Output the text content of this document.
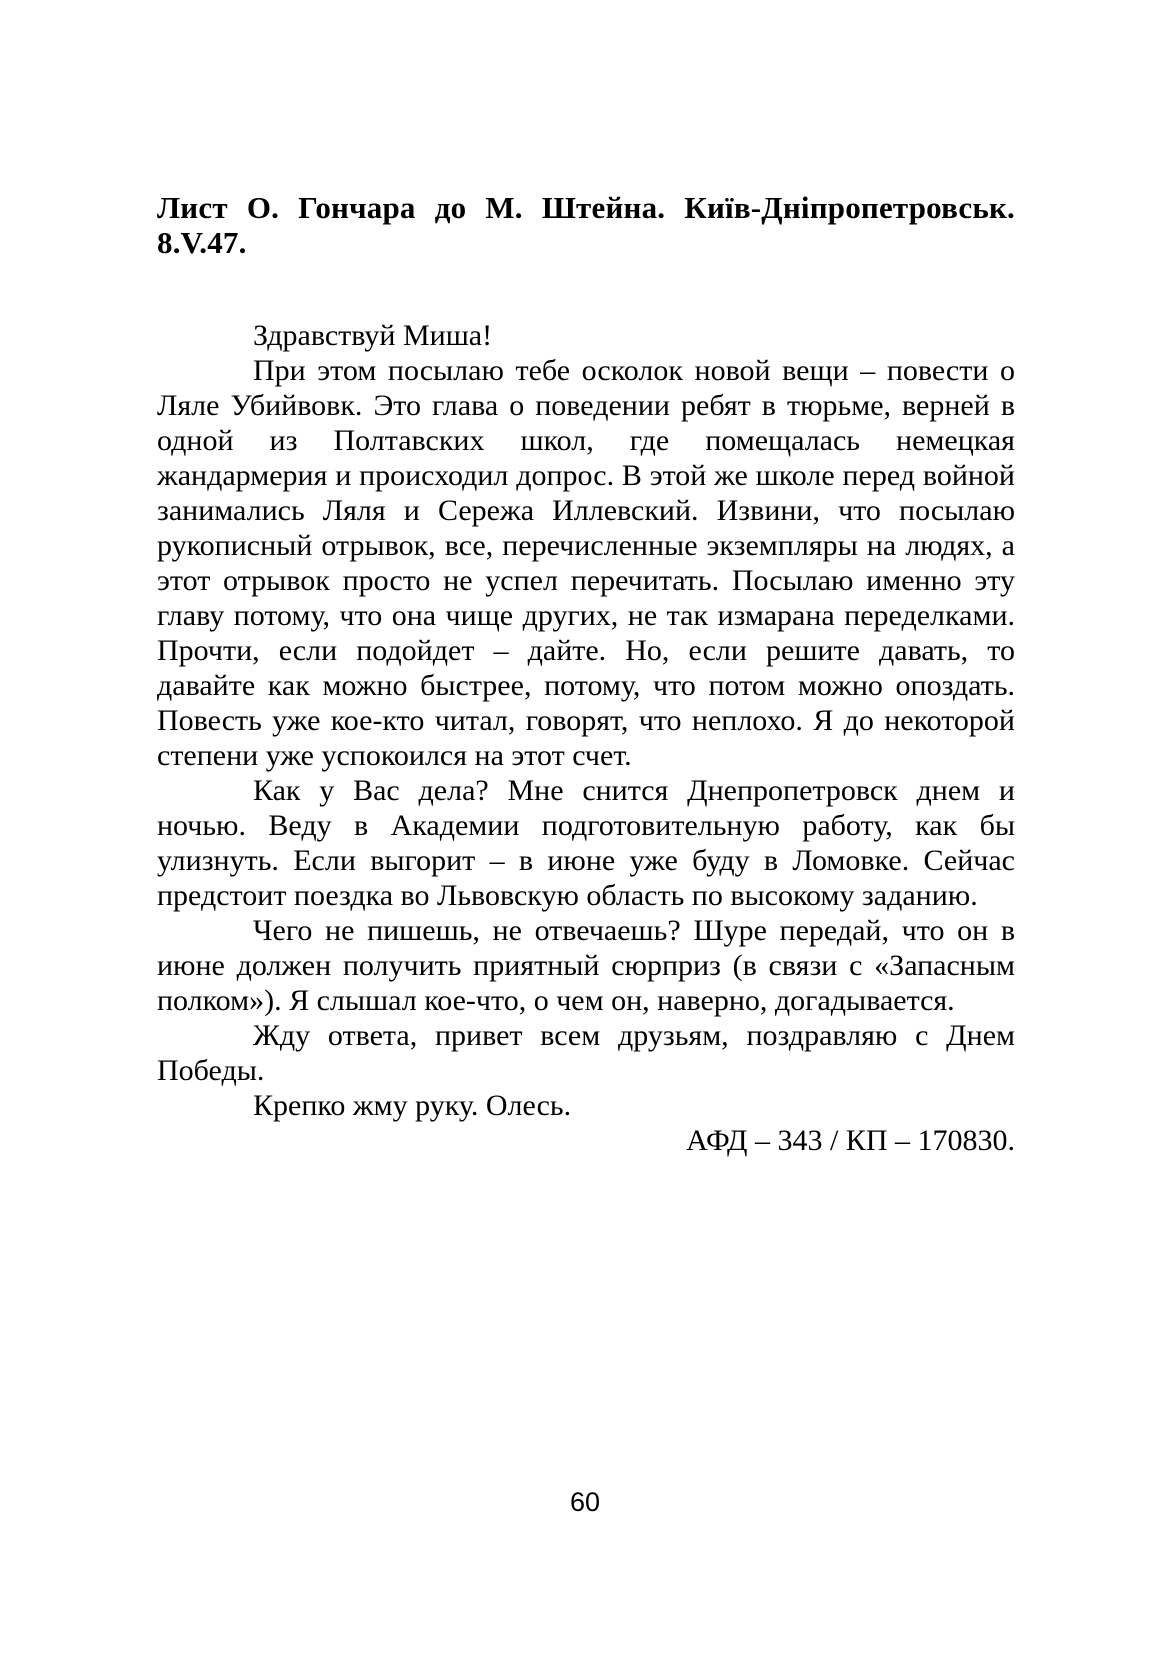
Лист О. Гончара до М. Штейна. Київ-Дніпропетровськ. 8.V.47.

Здравствуй Миша!

При этом посылаю тебе осколок новой вещи – повести о Ляле Убийвовк. Это глава о поведении ребят в тюрьме, верней в одной из Полтавских школ, где помещалась немецкая жандармерия и происходил допрос. В этой же школе перед войной занимались Ляля и Сережа Иллевский. Извини, что посылаю рукописный отрывок, все, перечисленные экземпляры на людях, а этот отрывок просто не успел перечитать. Посылаю именно эту главу потому, что она чище других, не так измарана переделками. Прочти, если подойдет – дайте. Но, если решите давать, то давайте как можно быстрее, потому, что потом можно опоздать. Повесть уже кое-кто читал, говорят, что неплохо. Я до некоторой степени уже успокоился на этот счет.

Как у Вас дела? Мне снится Днепропетровск днем и ночью. Веду в Академии подготовительную работу, как бы улизнуть. Если выгорит – в июне уже буду в Ломовке. Сейчас предстоит поездка во Львовскую область по высокому заданию.

Чего не пишешь, не отвечаешь? Шуре передай, что он в июне должен получить приятный сюрприз (в связи с «Запасным полком»). Я слышал кое-что, о чем он, наверно, догадывается.

Жду ответа, привет всем друзьям, поздравляю с Днем Победы.

Крепко жму руку. Олесь.

АФД – 343 / КП – 170830.

60
